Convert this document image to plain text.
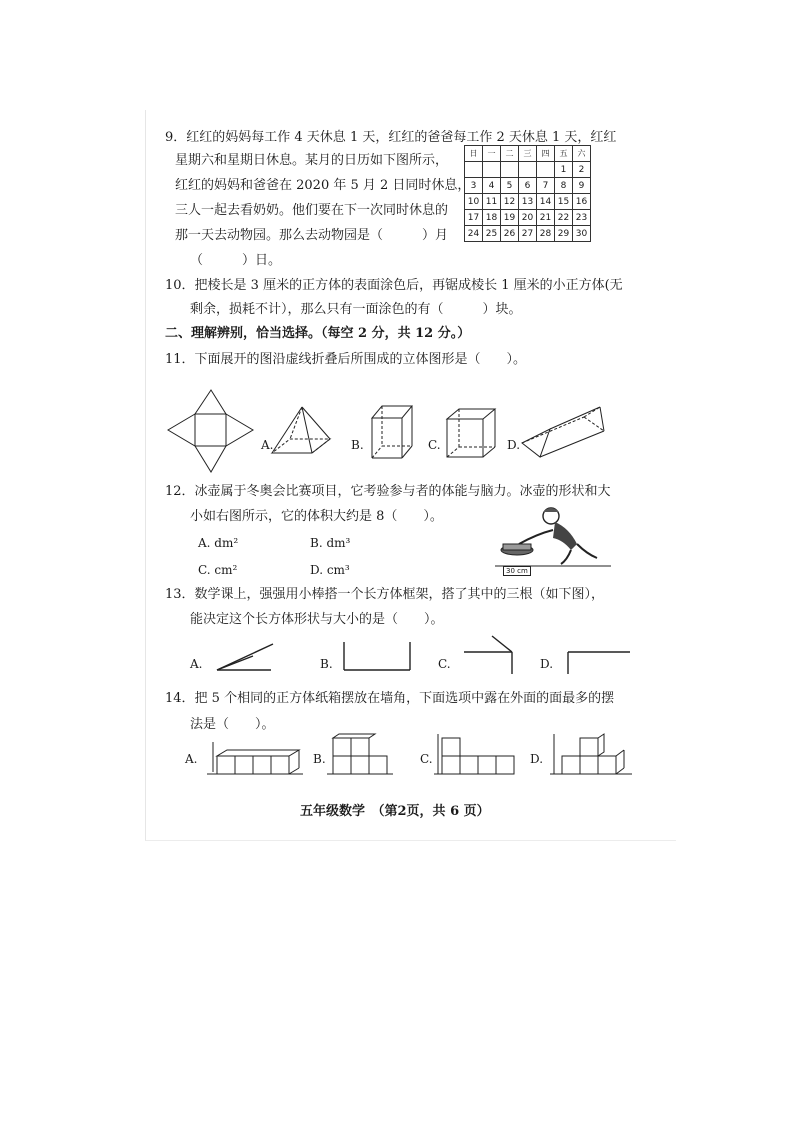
9．红红的妈妈每工作 4 天休息 1 天，红红的爸爸每工作 2 天休息 1 天，红红
星期六和星期日休息。某月的日历如下图所示，
红红的妈妈和爸爸在 2020 年 5 月 2 日同时休息，
三人一起去看奶奶。他们要在下一次同时休息的
那一天去动物园。那么去动物园是（　　　）月
（　　　）日。
日	一	二	三	四	五	六
					1	2
3	4	5	6	7	8	9
10	11	12	13	14	15	16
17	18	19	20	21	22	23
24	25	26	27	28	29	30
10．把棱长是 3 厘米的正方体的表面涂色后，再锯成棱长 1 厘米的小正方体(无
剩余，损耗不计），那么只有一面涂色的有（　　　）块。
二、理解辨别，恰当选择。（每空 2 分，共 12 分。）
11．下面展开的图沿虚线折叠后所围成的立体图形是（　　）。
A.	B.	C.	D.
12．冰壶属于冬奥会比赛项目，它考验参与者的体能与脑力。冰壶的形状和大
小如右图所示，它的体积大约是 8（　　）。
A. dm²	B. dm³
C. cm²	D. cm³	30 cm
13．数学课上，强强用小棒搭一个长方体框架，搭了其中的三根（如下图），
能决定这个长方体形状与大小的是（　　）。
A.	B.	C.	D.
14．把 5 个相同的正方体纸箱摆放在墙角，下面选项中露在外面的面最多的摆
法是（　　）。
A.	B.	C.	D.
五年级数学　（第2页，共 6 页）
